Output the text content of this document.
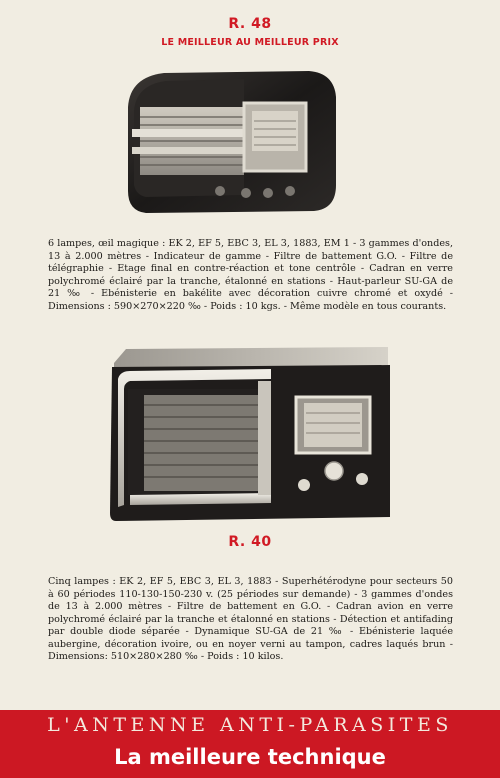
R. 48
LE MEILLEUR AU MEILLEUR PRIX

6 lampes, œil magique : EK 2, EF 5, EBC 3, EL 3, 1883, EM 1 - 3 gammes d'ondes, 13 à 2.000 mètres - Indicateur de gamme - Filtre de battement G.O. - Filtre de télégraphie - Etage final en contre-réaction et tone centrôle - Cadran en verre polychromé éclairé par la tranche, étalonné en stations - Haut-parleur SU-GA de 21 ‰ - Ebénisterie en bakélite avec décoration cuivre chromé et oxydé - Dimensions : 590×270×220 ‰ - Poids : 10 kgs. - Même modèle en tous courants.

R. 40

Cinq lampes : EK 2, EF 5, EBC 3, EL 3, 1883 - Superhétérodyne pour secteurs 50 à 60 périodes 110-130-150-230 v. (25 périodes sur demande) - 3 gammes d'ondes de 13 à 2.000 mètres - Filtre de battement en G.O. - Cadran avion en verre polychromé éclairé par la tranche et étalonné en stations - Détection et antifading par double diode séparée - Dynamique SU-GA de 21 ‰ - Ebénisterie laquée aubergine, décoration ivoire, ou en noyer verni au tampon, cadres laqués brun - Dimensions: 510×280×280 ‰ - Poids : 10 kilos.

L'ANTENNE ANTI-PARASITES
La meilleure technique
